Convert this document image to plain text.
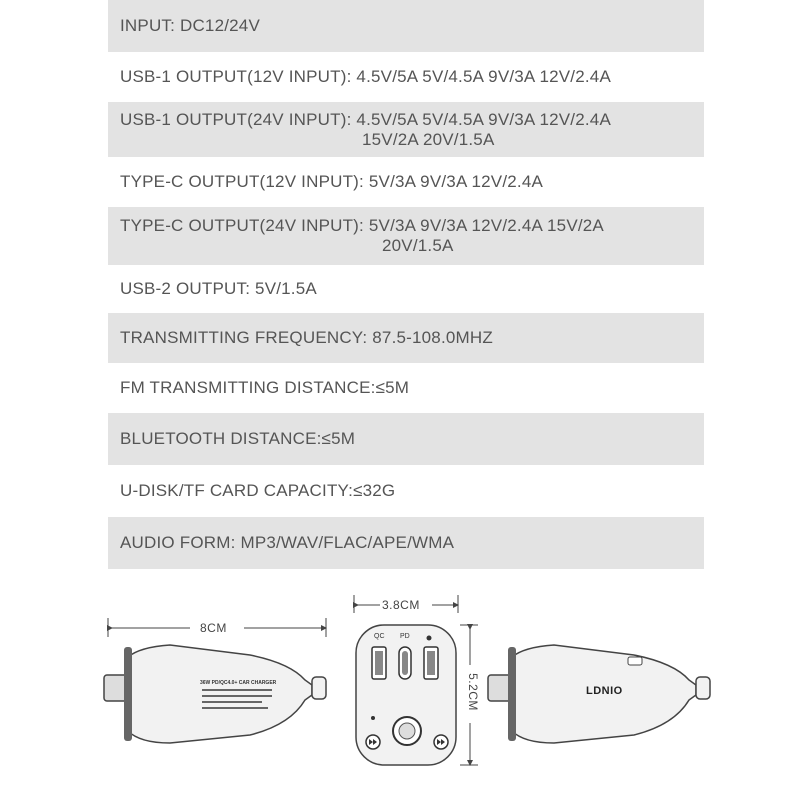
INPUT: DC12/24V
USB-1 OUTPUT(12V INPUT): 4.5V/5A 5V/4.5A 9V/3A 12V/2.4A
USB-1 OUTPUT(24V INPUT): 4.5V/5A 5V/4.5A 9V/3A 12V/2.4A
15V/2A 20V/1.5A
TYPE-C OUTPUT(12V INPUT): 5V/3A 9V/3A 12V/2.4A
TYPE-C OUTPUT(24V INPUT): 5V/3A 9V/3A 12V/2.4A 15V/2A
20V/1.5A
USB-2 OUTPUT: 5V/1.5A
TRANSMITTING FREQUENCY: 87.5-108.0MHZ
FM TRANSMITTING DISTANCE:≤5M
BLUETOOTH DISTANCE:≤5M
U-DISK/TF CARD CAPACITY:≤32G
AUDIO FORM: MP3/WAV/FLAC/APE/WMA
8CM
3.8CM
5.2CM
36W PD/QC4.0+ CAR CHARGER
LDNIO
QC PD
